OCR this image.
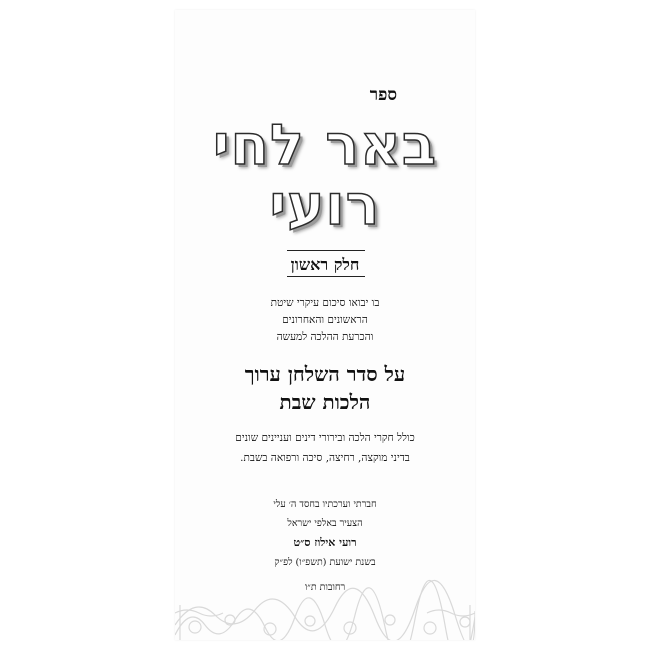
ספר
באר לחי
רועי
חלק ראשון
בו יבואו סיכום עיקרי שיטת
הראשונים והאחרונים
והכרעת ההלכה למעשה
על סדר השלחן ערוך
הלכות שבת
כולל חקרי הלכה ובירורי דינים ועניינים שונים
בדיני מוקצה, רחיצה, סיכה ורפואה בשבת.
חברתי וערכתיו בחסד ה׳ עלי
הצעיר באלפי ישראל
רועי אילוז ס״ט
בשנת ישועת (תשפ״ו) לפ״ק
רחובות ת״ו
